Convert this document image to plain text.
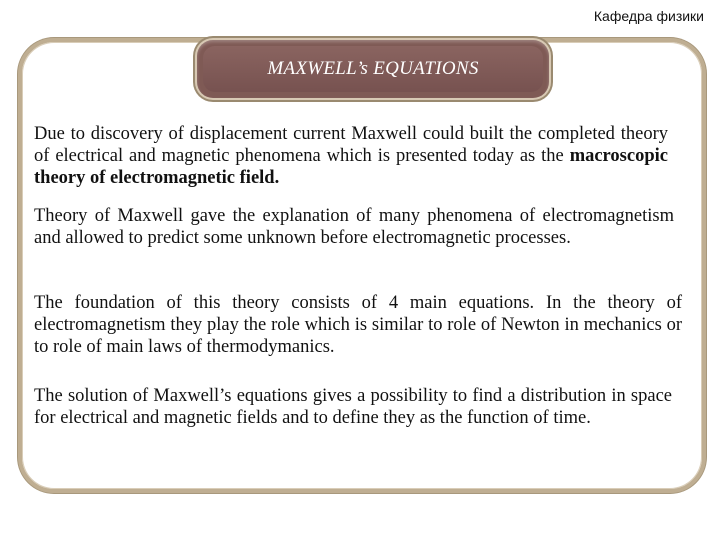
Кафедра физики
MAXWELL’s EQUATIONS

Due to discovery of displacement current Maxwell could built the completed theory of electrical and magnetic phenomena which is presented today as the macroscopic theory of electromagnetic field.

Theory of Maxwell gave the explanation of many phenomena of electromagnetism and allowed to predict some unknown before electromagnetic processes.

The foundation of this theory consists of 4 main equations. In the theory of electromagnetism they play the role which is similar to role of Newton in mechanics or to role of main laws of thermodymanics.

The solution of Maxwell’s equations gives a possibility to find a distribution in space for electrical and magnetic fields and to define they as the function of time.
